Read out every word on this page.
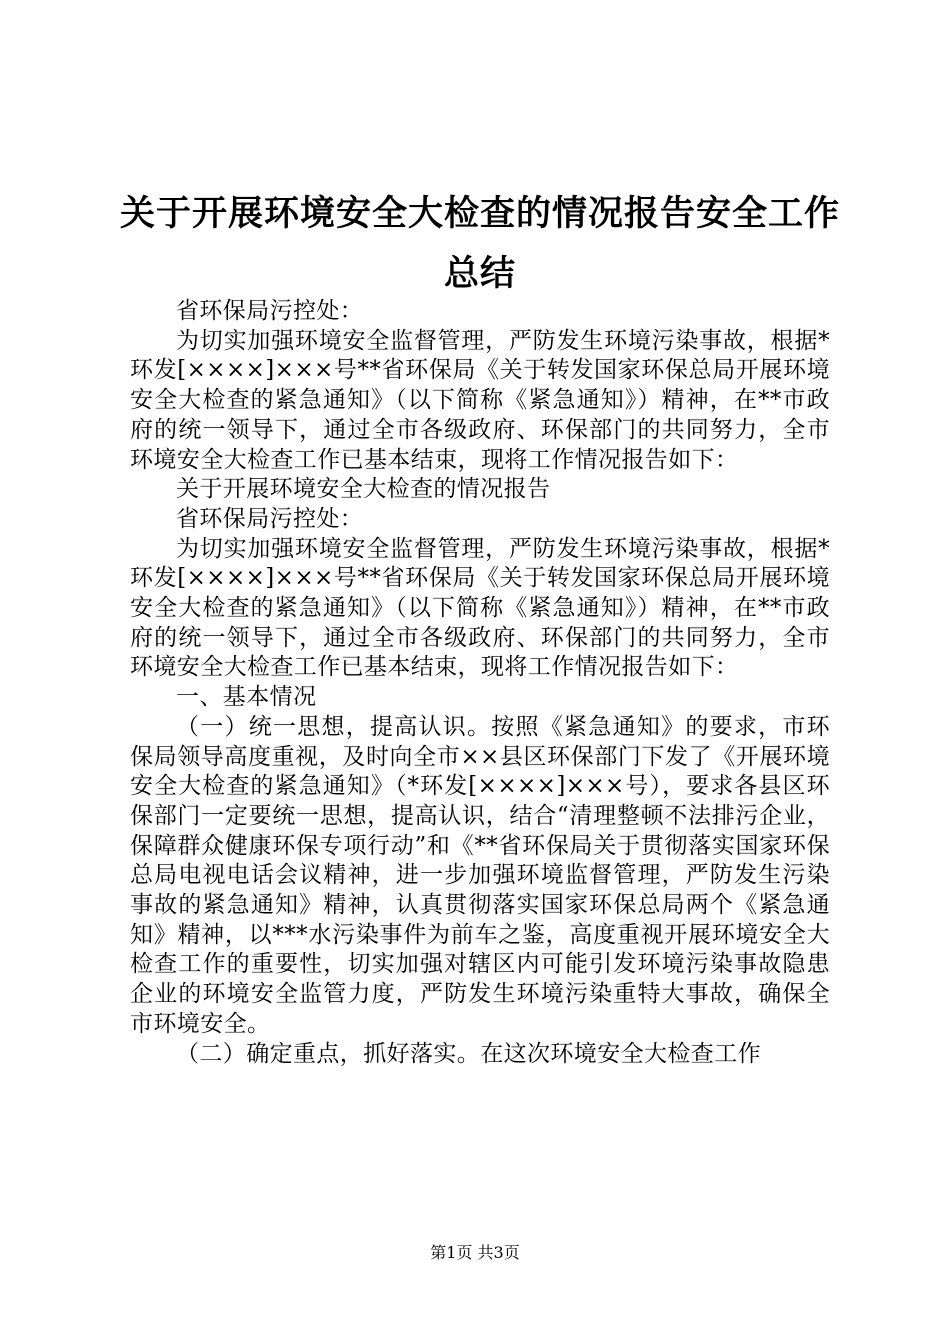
关于开展环境安全大检查的情况报告安全工作总结

省环保局污控处：

为切实加强环境安全监督管理，严防发生环境污染事故，根据*环发[××××]×××号**省环保局《关于转发国家环保总局开展环境安全大检查的紧急通知》（以下简称《紧急通知》）精神，在**市政府的统一领导下，通过全市各级政府、环保部门的共同努力，全市环境安全大检查工作已基本结束，现将工作情况报告如下：

关于开展环境安全大检查的情况报告

省环保局污控处：

为切实加强环境安全监督管理，严防发生环境污染事故，根据*环发[××××]×××号**省环保局《关于转发国家环保总局开展环境安全大检查的紧急通知》（以下简称《紧急通知》）精神，在**市政府的统一领导下，通过全市各级政府、环保部门的共同努力，全市环境安全大检查工作已基本结束，现将工作情况报告如下：

一、基本情况

（一）统一思想，提高认识。按照《紧急通知》的要求，市环保局领导高度重视，及时向全市××县区环保部门下发了《开展环境安全大检查的紧急通知》（*环发[××××]×××号），要求各县区环保部门一定要统一思想，提高认识，结合“清理整顿不法排污企业，保障群众健康环保专项行动”和《**省环保局关于贯彻落实国家环保总局电视电话会议精神，进一步加强环境监督管理，严防发生污染事故的紧急通知》精神，认真贯彻落实国家环保总局两个《紧急通知》精神，以***水污染事件为前车之鉴，高度重视开展环境安全大检查工作的重要性，切实加强对辖区内可能引发环境污染事故隐患企业的环境安全监管力度，严防发生环境污染重特大事故，确保全市环境安全。

（二）确定重点，抓好落实。在这次环境安全大检查工作

第1页 共3页
